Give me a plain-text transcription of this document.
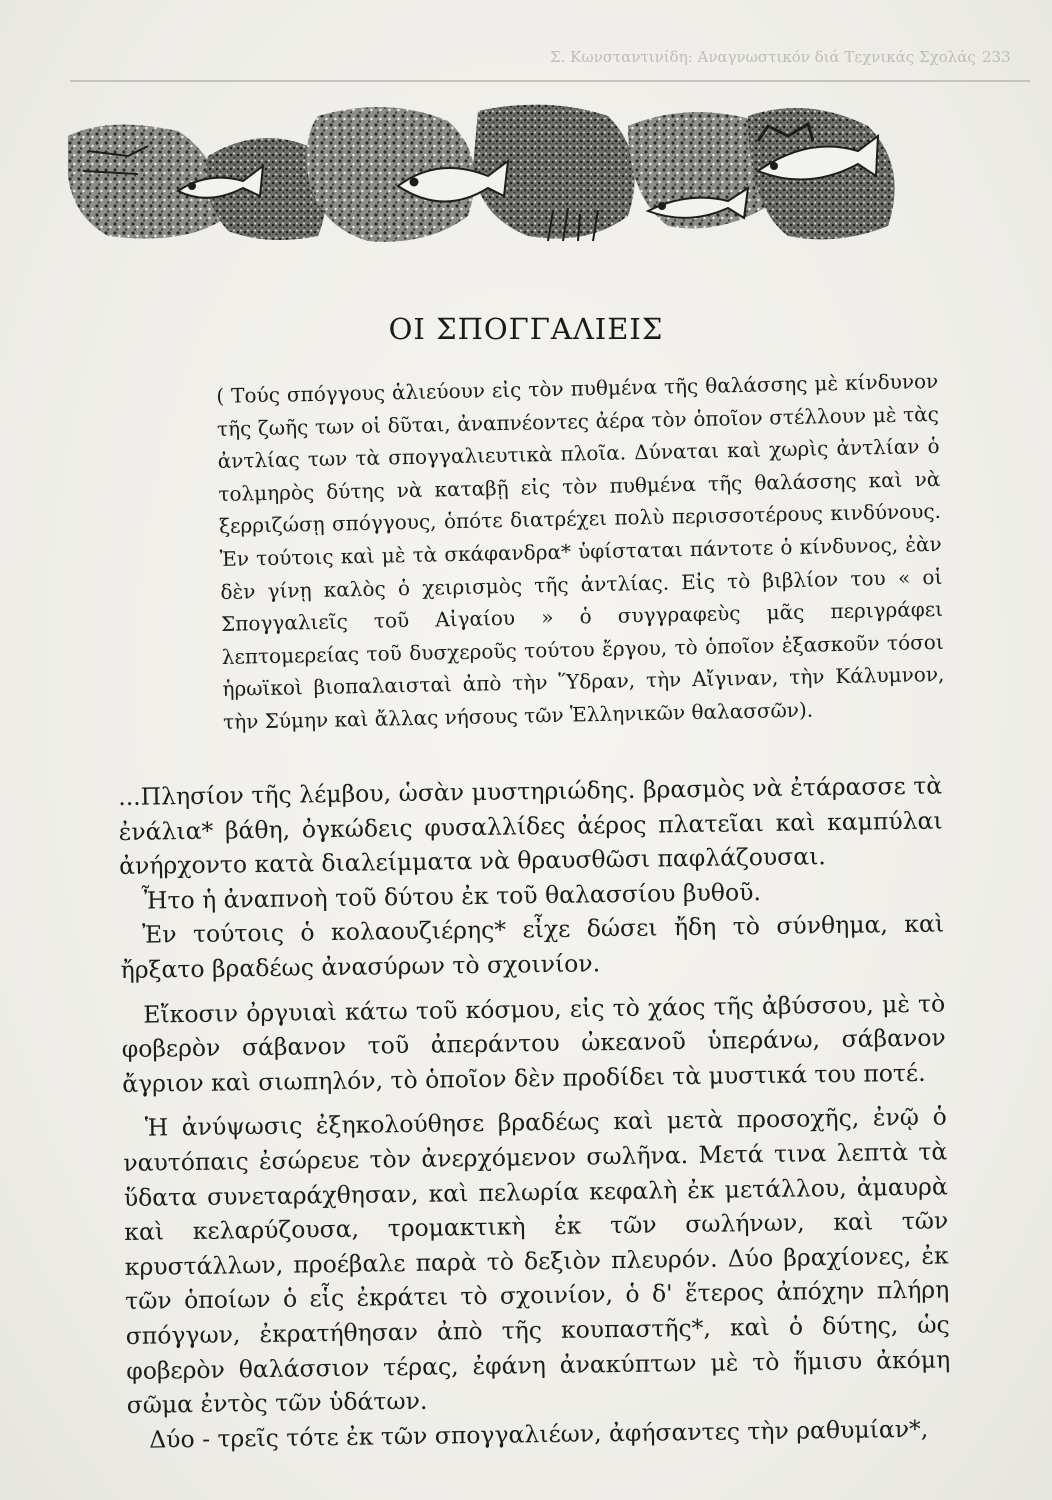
Σ. Κωνσταντινίδη: Αναγνωστικόν διά Τεχνικάς Σχολάς 233
ΟΙ ΣΠΟΓΓΑΛΙΕΙΣ
( Τούς σπόγγους ἁλιεύουν εἰς τὸν πυθμένα τῆς θαλάσσης μὲ κίνδυνον τῆς ζωῆς των οἱ δῦται, ἀναπνέοντες ἀέρα τὸν ὁποῖον στέλλουν μὲ τὰς ἀντλίας των τὰ σπογγαλιευτικὰ πλοῖα. Δύναται καὶ χωρὶς ἀντλίαν ὁ τολμηρὸς δύτης νὰ καταβῇ εἰς τὸν πυθμένα τῆς θαλάσσης καὶ νὰ ξερριζώσῃ σπόγγους, ὁπότε διατρέχει πολὺ περισσοτέρους κινδύνους. Ἐν τούτοις καὶ μὲ τὰ σκάφανδρα* ὑφίσταται πάντοτε ὁ κίνδυνος, ἐὰν δὲν γίνῃ καλὸς ὁ χειρισμὸς τῆς ἀντλίας. Εἰς τὸ βιβλίον του « οἱ Σπογγαλιεῖς τοῦ Αἰγαίου » ὁ συγγραφεὺς μᾶς περιγράφει λεπτομερείας τοῦ δυσχεροῦς τούτου ἔργου, τὸ ὁποῖον ἐξασκοῦν τόσοι ἡρωϊκοὶ βιοπαλαισταὶ ἀπὸ τὴν Ὕδραν, τὴν Αἴγιναν, τὴν Κάλυμνον, τὴν Σύμην καὶ ἄλλας νήσους τῶν Ἑλληνικῶν θαλασσῶν).

...Πλησίον τῆς λέμβου, ὡσὰν μυστηριώδης. βρασμὸς νὰ ἐτάρασσε τὰ ἐνάλια* βάθη, ὀγκώδεις φυσαλλίδες ἀέρος πλατεῖαι καὶ καμπύλαι ἀνήρχοντο κατὰ διαλείμματα νὰ θραυσθῶσι παφλάζουσαι.

Ἦτο ἡ ἀναπνοὴ τοῦ δύτου ἐκ τοῦ θαλασσίου βυθοῦ.

Ἐν τούτοις ὁ κολαουζιέρης* εἶχε δώσει ἤδη τὸ σύνθημα, καὶ ἤρξατο βραδέως ἀνασύρων τὸ σχοινίον.

Εἴκοσιν ὀργυιαὶ κάτω τοῦ κόσμου, εἰς τὸ χάος τῆς ἀβύσσου, μὲ τὸ φοβερὸν σάβανον τοῦ ἀπεράντου ὠκεανοῦ ὑπεράνω, σάβανον ἄγριον καὶ σιωπηλόν, τὸ ὁποῖον δὲν προδίδει τὰ μυστικά του ποτέ.

Ἡ ἀνύψωσις ἐξηκολούθησε βραδέως καὶ μετὰ προσοχῆς, ἐνῷ ὁ ναυτόπαις ἐσώρευε τὸν ἀνερχόμενον σωλῆνα. Μετά τινα λεπτὰ τὰ ὕδατα συνεταράχθησαν, καὶ πελωρία κεφαλὴ ἐκ μετάλλου, ἀμαυρὰ καὶ κελαρύζουσα, τρομακτικὴ ἐκ τῶν σωλήνων, καὶ τῶν κρυστάλλων, προέβαλε παρὰ τὸ δεξιὸν πλευρόν. Δύο βραχίονες, ἐκ τῶν ὁποίων ὁ εἷς ἐκράτει τὸ σχοινίον, ὁ δ' ἕτερος ἀπόχην πλήρη σπόγγων, ἐκρατήθησαν ἀπὸ τῆς κουπαστῆς*, καὶ ὁ δύτης, ὡς φοβερὸν θαλάσσιον τέρας, ἐφάνη ἀνακύπτων μὲ τὸ ἥμισυ ἀκόμη σῶμα ἐντὸς τῶν ὑδάτων.

Δύο - τρεῖς τότε ἐκ τῶν σπογγαλιέων, ἀφήσαντες τὴν ραθυμίαν*,
